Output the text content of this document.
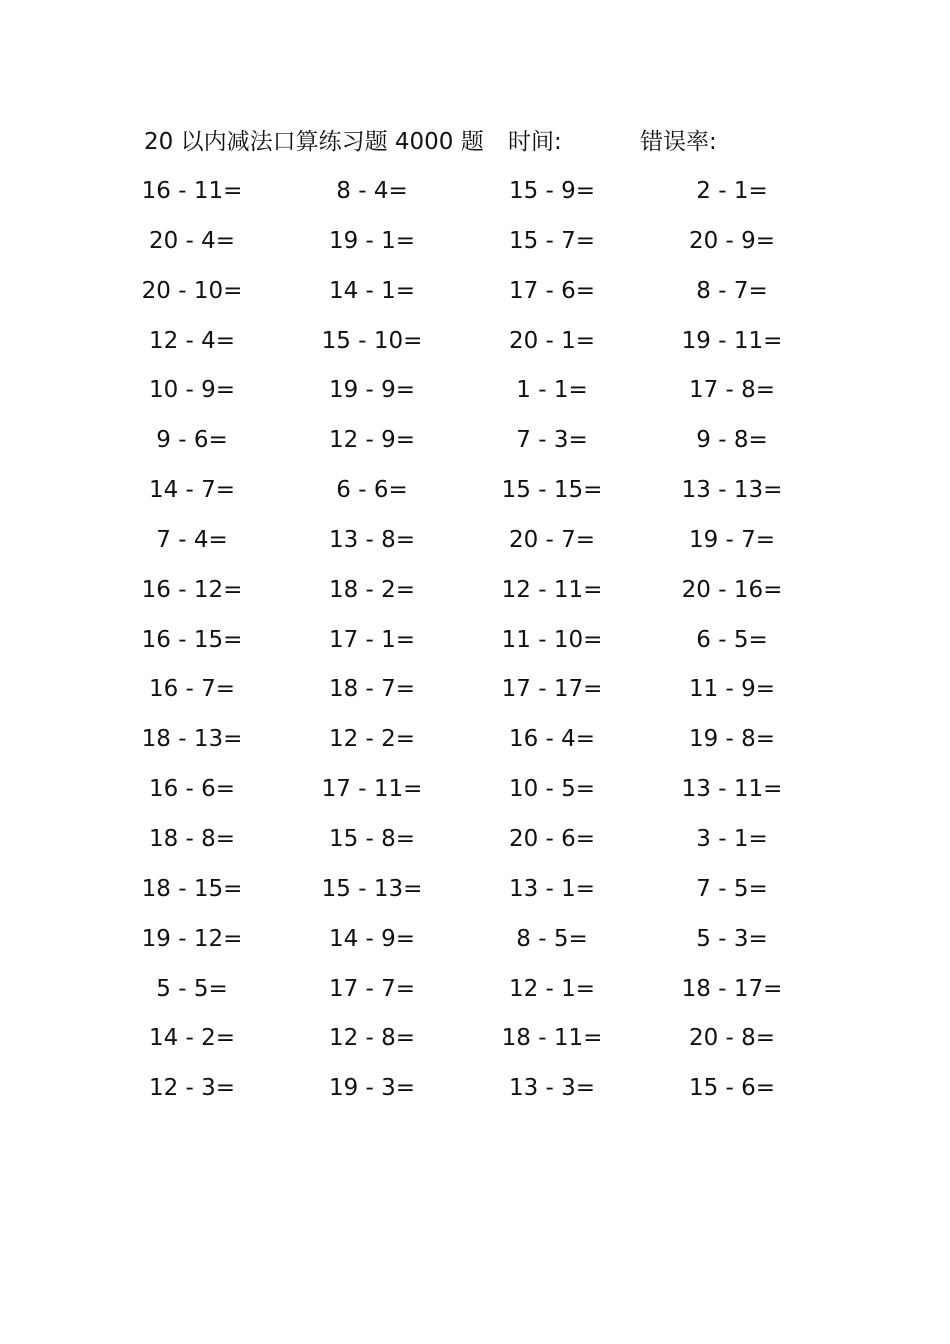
20 以内减法口算练习题 4000 题 时间:	错误率:
16 - 11=	8 - 4=	15 - 9=	2 - 1=
20 - 4=	19 - 1=	15 - 7=	20 - 9=
20 - 10=	14 - 1=	17 - 6=	8 - 7=
12 - 4=	15 - 10=	20 - 1=	19 - 11=
10 - 9=	19 - 9=	1 - 1=	17 - 8=
9 - 6=	12 - 9=	7 - 3=	9 - 8=
14 - 7=	6 - 6=	15 - 15=	13 - 13=
7 - 4=	13 - 8=	20 - 7=	19 - 7=
16 - 12=	18 - 2=	12 - 11=	20 - 16=
16 - 15=	17 - 1=	11 - 10=	6 - 5=
16 - 7=	18 - 7=	17 - 17=	11 - 9=
18 - 13=	12 - 2=	16 - 4=	19 - 8=
16 - 6=	17 - 11=	10 - 5=	13 - 11=
18 - 8=	15 - 8=	20 - 6=	3 - 1=
18 - 15=	15 - 13=	13 - 1=	7 - 5=
19 - 12=	14 - 9=	8 - 5=	5 - 3=
5 - 5=	17 - 7=	12 - 1=	18 - 17=
14 - 2=	12 - 8=	18 - 11=	20 - 8=
12 - 3=	19 - 3=	13 - 3=	15 - 6=
